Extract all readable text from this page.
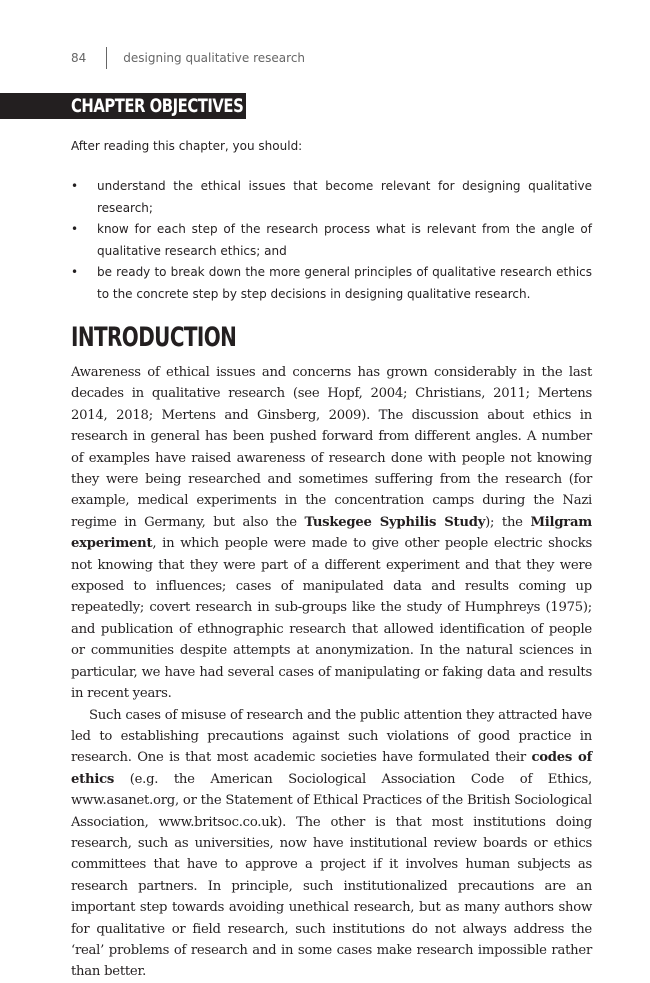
84	designing qualitative research
CHAPTER OBJECTIVES
After reading this chapter, you should:
• understand the ethical issues that become relevant for designing qualitative research;
• know for each step of the research process what is relevant from the angle of qualitative research ethics; and
• be ready to break down the more general principles of qualitative research ethics to the concrete step by step decisions in designing qualitative research.
INTRODUCTION

Awareness of ethical issues and concerns has grown considerably in the last decades in qualitative research (see Hopf, 2004; Christians, 2011; Mertens 2014, 2018; Mertens and Ginsberg, 2009). The discussion about ethics in research in general has been pushed forward from different angles. A number of examples have raised awareness of research done with people not knowing they were being researched and sometimes suffering from the research (for example, medical experiments in the concentration camps during the Nazi regime in Germany, but also the Tuskegee Syphilis Study); the Milgram experiment, in which people were made to give other people electric shocks not knowing that they were part of a different experiment and that they were exposed to influences; cases of manipulated data and results coming up repeatedly; covert research in sub-groups like the study of Humphreys (1975); and publication of ethnographic research that allowed identification of people or communities despite attempts at anonymization. In the natural sciences in particular, we have had several cases of manipulating or faking data and results in recent years.

Such cases of misuse of research and the public attention they attracted have led to establishing precautions against such violations of good practice in research. One is that most academic societies have formulated their codes of ethics (e.g. the American Sociological Association Code of Ethics, www.asanet.org, or the Statement of Ethical Practices of the British Sociological Association, www.britsoc.co.uk). The other is that most institutions doing research, such as universities, now have institutional review boards or ethics committees that have to approve a project if it involves human subjects as research partners. In principle, such institutionalized precautions are an important step towards avoiding unethical research, but as many authors show for qualitative or field research, such institutions do not always address the ‘real’ problems of research and in some cases make research impossible rather than better.
